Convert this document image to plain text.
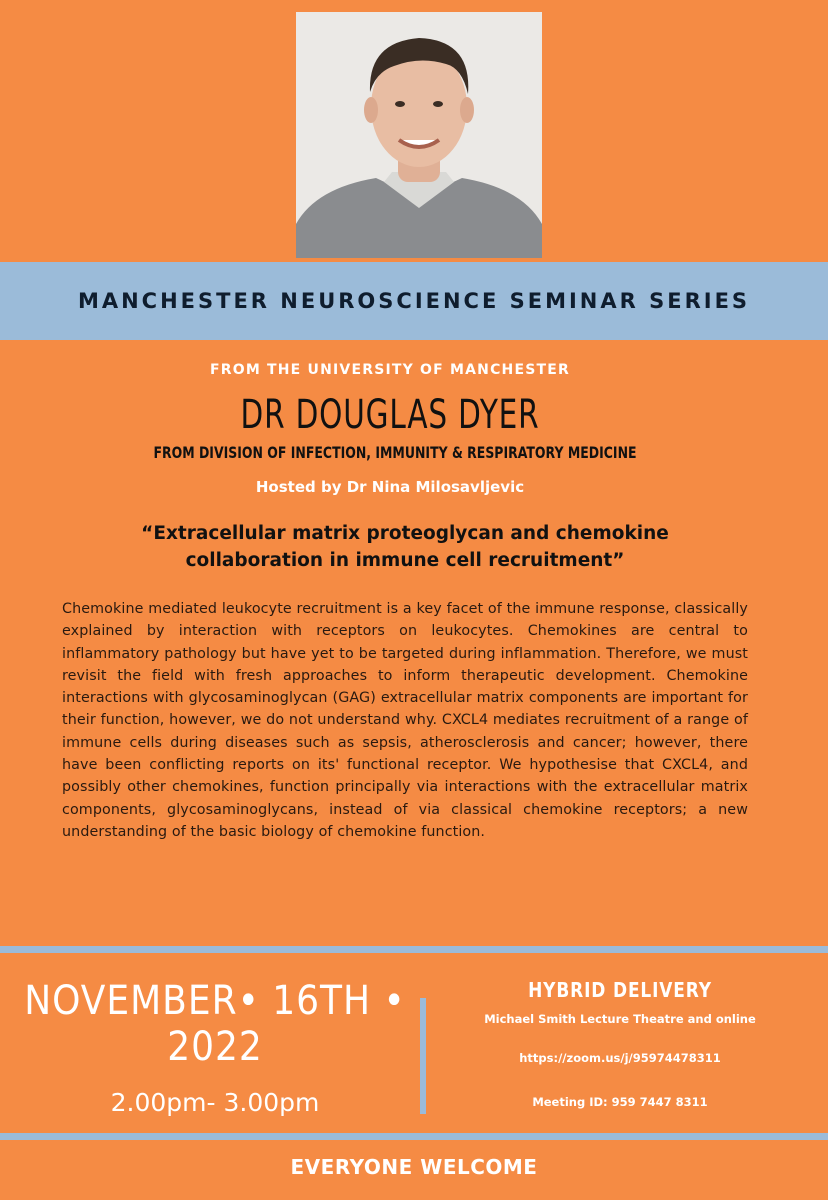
MANCHESTER NEUROSCIENCE SEMINAR SERIES
FROM THE UNIVERSITY OF MANCHESTER
DR DOUGLAS DYER
FROM DIVISION OF INFECTION, IMMUNITY & RESPIRATORY MEDICINE
Hosted by Dr Nina Milosavljevic
“Extracellular matrix proteoglycan and chemokine collaboration in immune cell recruitment”
Chemokine mediated leukocyte recruitment is a key facet of the immune response, classically explained by interaction with receptors on leukocytes. Chemokines are central to inflammatory pathology but have yet to be targeted during inflammation. Therefore, we must revisit the field with fresh approaches to inform therapeutic development. Chemokine interactions with glycosaminoglycan (GAG) extracellular matrix components are important for their function, however, we do not understand why. CXCL4 mediates recruitment of a range of immune cells during diseases such as sepsis, atherosclerosis and cancer; however, there have been conflicting reports on its' functional receptor. We hypothesise that CXCL4, and possibly other chemokines, function principally via interactions with the extracellular matrix components, glycosaminoglycans, instead of via classical chemokine receptors; a new understanding of the basic biology of chemokine function.
NOVEMBER• 16TH •
2022
2.00pm- 3.00pm
HYBRID DELIVERY
Michael Smith Lecture Theatre and online
https://zoom.us/j/95974478311
Meeting ID: 959 7447 8311
EVERYONE WELCOME
